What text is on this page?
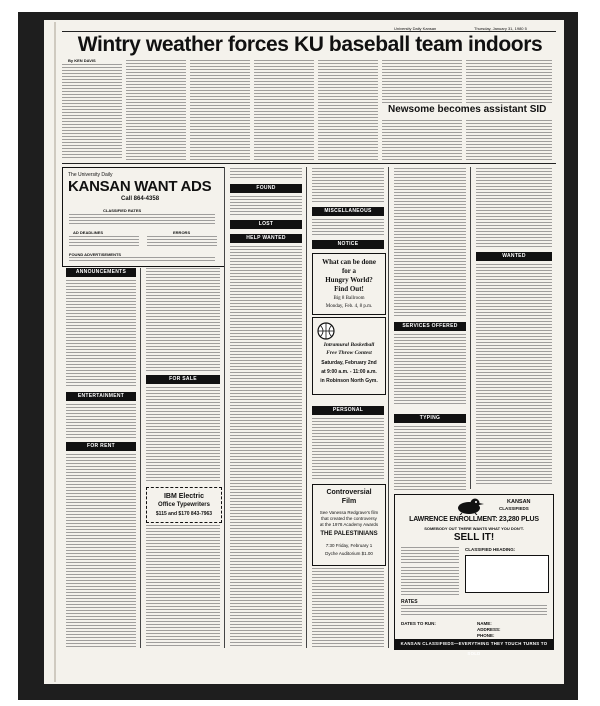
University Daily Kansan	Thursday, January 31, 1980 5
Wintry weather forces KU baseball team indoors
By KEN DAVIS
Newsome becomes assistant SID
The University Daily
KANSAN WANT ADS
Call 864-4358
CLASSIFIED RATES
AD DEADLINES	ERRORS
FOUND ADVERTISEMENTS
ANNOUNCEMENTS
ENTERTAINMENT
FOR RENT
FOR SALE
IBM Electric
Office Typewriters
$115 and $170 843-7963
FOUND
LOST
HELP WANTED
MISCELLANEOUS
NOTICE
What can be done
for a
Hungry World?
Find Out!
Big 8 Ballroom
Monday, Feb. 4, 8 p.m.
Intramural Basketball
Free Throw Contest
Saturday, February 2nd
at 9:00 a.m. - 11:00 a.m.
in Robinson North Gym.
PERSONAL
Controversial
Film
See Vanessa Redgrave's film
that created the controversy
at the 1978 Academy Awards
THE PALESTINIANS
7:30 Friday, February 1
Dyche Auditorium $1.00
SERVICES OFFERED
TYPING
WANTED
KANSAN
CLASSIFIEDS
LAWRENCE ENROLLMENT: 23,280 PLUS
SOMEBODY OUT THERE WANTS WHAT YOU DON'T.
SELL IT!
CLASSIFIED HEADING:
RATES
DATES TO RUN:	NAME:
ADDRESS:
PHONE:
KANSAN CLASSIFIEDS—EVERYTHING THEY TOUCH TURNS TO SOLD
